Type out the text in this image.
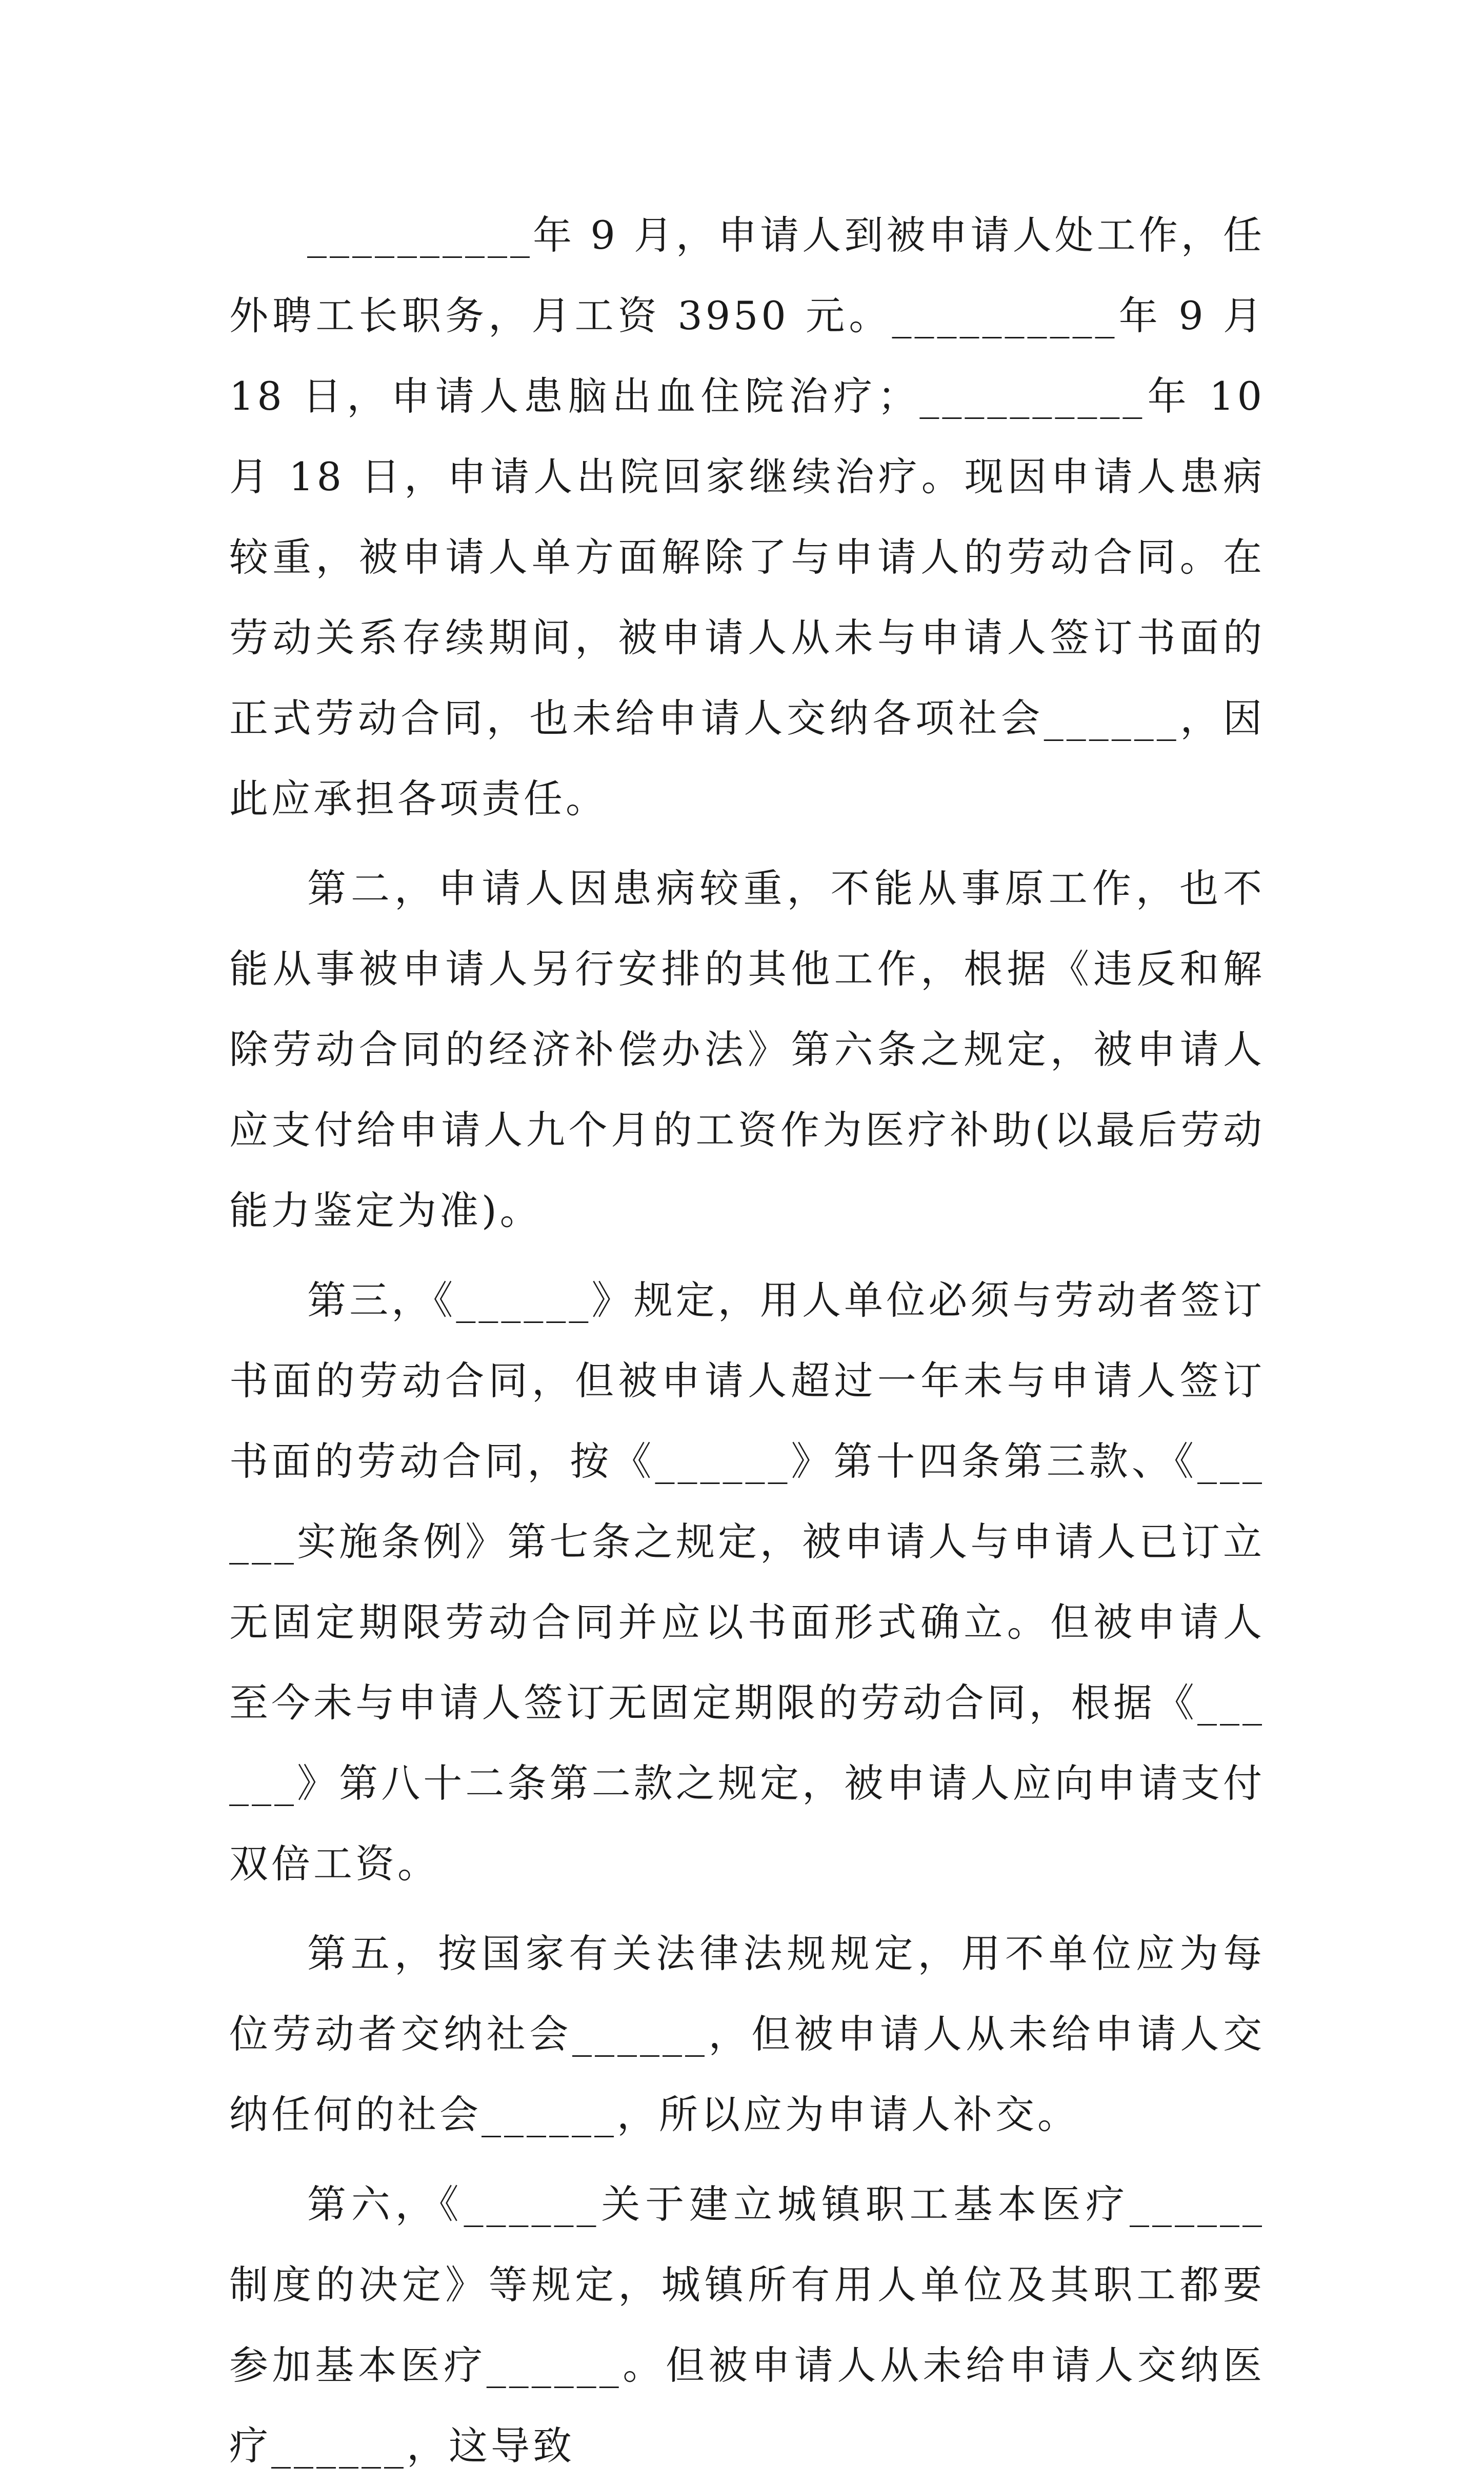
__________年 9 月，申请人到被申请人处工作，任外聘工长职务，月工资 3950 元。__________年 9 月 18 日，申请人患脑出血住院治疗；__________年 10 月 18 日，申请人出院回家继续治疗。现因申请人患病较重，被申请人单方面解除了与申请人的劳动合同。在劳动关系存续期间，被申请人从未与申请人签订书面的正式劳动合同，也未给申请人交纳各项社会______，因此应承担各项责任。

第二，申请人因患病较重，不能从事原工作，也不能从事被申请人另行安排的其他工作，根据《违反和解除劳动合同的经济补偿办法》第六条之规定，被申请人应支付给申请人九个月的工资作为医疗补助(以最后劳动能力鉴定为准)。

第三，《______》规定，用人单位必须与劳动者签订书面的劳动合同，但被申请人超过一年未与申请人签订书面的劳动合同，按《______》第十四条第三款、《______实施条例》第七条之规定，被申请人与申请人已订立无固定期限劳动合同并应以书面形式确立。但被申请人至今未与申请人签订无固定期限的劳动合同，根据《______》第八十二条第二款之规定，被申请人应向申请支付双倍工资。

第五，按国家有关法律法规规定，用不单位应为每位劳动者交纳社会______，但被申请人从未给申请人交纳任何的社会______，所以应为申请人补交。

第六，《______关于建立城镇职工基本医疗______制度的决定》等规定，城镇所有用人单位及其职工都要参加基本医疗______。但被申请人从未给申请人交纳医疗______，这导致
